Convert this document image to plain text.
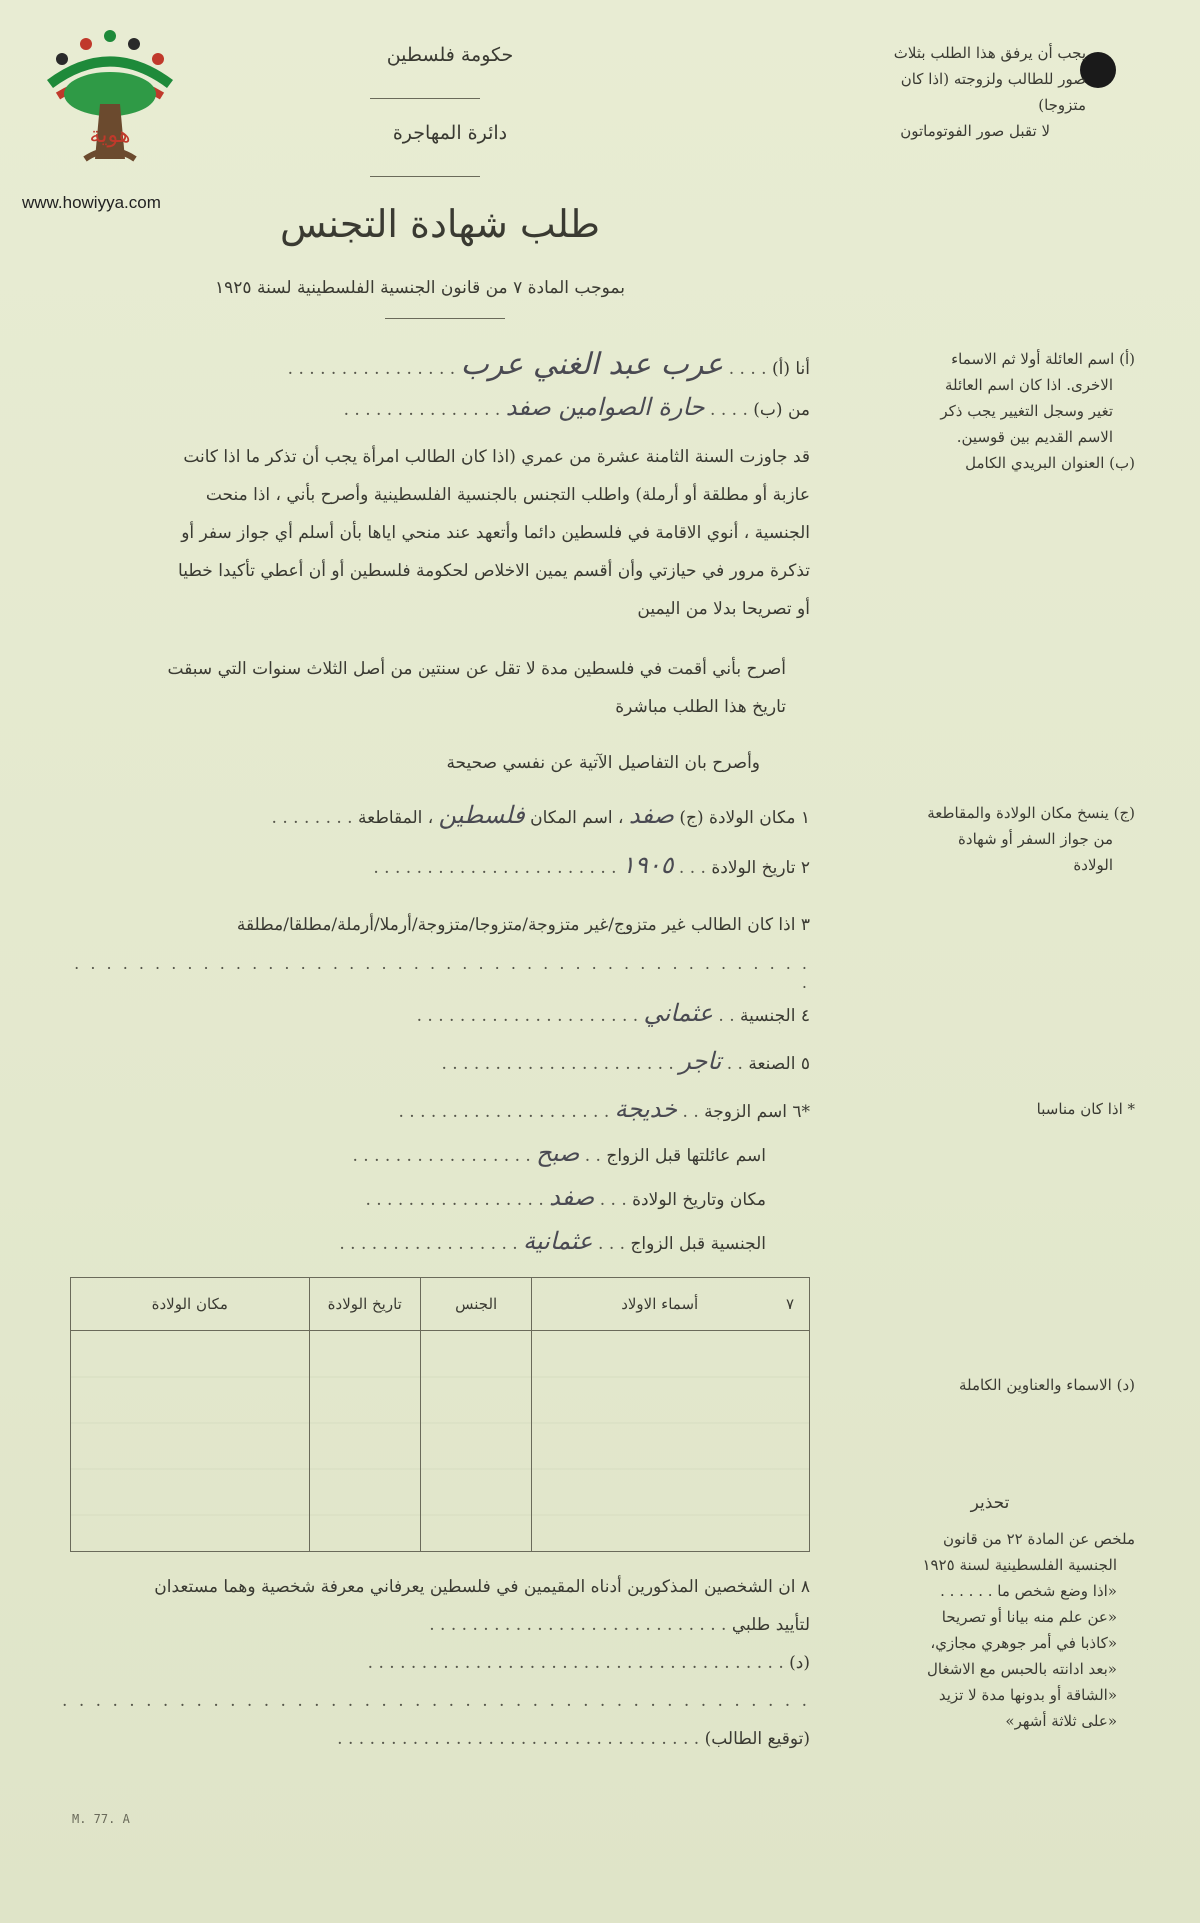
هوية
www.howiyya.com
حكومة فلسطين
دائرة المهاجرة
طلب شهادة التجنس
بموجب المادة ٧ من قانون الجنسية الفلسطينية لسنة ١٩٢٥
يجب أن يرفق هذا الطلب بثلاث
صور للطالب ولزوجته (اذا كان
متزوجا)
لا تقبل صور الفوتوماتون
أنا (أ) . . . . عرب عبد الغني عرب . . . . . . . . . . . . . . . .
من (ب) . . . . حارة الصوامين صفد . . . . . . . . . . . . . . .
قد جاوزت السنة الثامنة عشرة من عمري (اذا كان الطالب امرأة يجب أن تذكر ما اذا كانت
عازبة أو مطلقة أو أرملة) واطلب التجنس بالجنسية الفلسطينية وأصرح بأني ، اذا منحت
الجنسية ، أنوي الاقامة في فلسطين دائما وأتعهد عند منحي اياها بأن أسلم أي جواز سفر أو
تذكرة مرور في حيازتي وأن أقسم يمين الاخلاص لحكومة فلسطين أو أن أعطي تأكيدا خطيا
أو تصريحا بدلا من اليمين
أصرح بأني أقمت في فلسطين مدة لا تقل عن سنتين من أصل الثلاث سنوات التي سبقت
تاريخ هذا الطلب مباشرة
وأصرح بان التفاصيل الآتية عن نفسي صحيحة
١ مكان الولادة (ج) صفد ، اسم المكان فلسطين ، المقاطعة . . . . . . . .
٢ تاريخ الولادة . . . ١٩٠٥ . . . . . . . . . . . . . . . . . . . . . . .
٣ اذا كان الطالب غير متزوج/غير متزوجة/متزوجا/متزوجة/أرملا/أرملة/مطلقا/مطلقة
. . . . . . . . . . . . . . . . . . . . . . . . . . . . . . . . . . . . . . . . . . . . . . .
٤ الجنسية . . عثماني . . . . . . . . . . . . . . . . . . . . .
٥ الصنعة . . تاجر . . . . . . . . . . . . . . . . . . . . . .
*٦ اسم الزوجة . . خديجة . . . . . . . . . . . . . . . . . . . .
اسم عائلتها قبل الزواج . . صبح . . . . . . . . . . . . . . . . .
مكان وتاريخ الولادة . . . صفد . . . . . . . . . . . . . . . . .
الجنسية قبل الزواج . . . عثمانية . . . . . . . . . . . . . . . . .
٧
أسماء الاولاد	الجنس	تاريخ الولادة	مكان الولادة

٨ ان الشخصين المذكورين أدناه المقيمين في فلسطين يعرفاني معرفة شخصية وهما مستعدان
لتأييد طلبي . . . . . . . . . . . . . . . . . . . . . . . . . . . .
(د) . . . . . . . . . . . . . . . . . . . . . . . . . . . . . . . . . . . . . . .
. . . . . . . . . . . . . . . . . . . . . . . . . . . . . . . . . . . . . . . . . . . . .
(توقيع الطالب) . . . . . . . . . . . . . . . . . . . . . . . . . . . . . . . . . .
M. 77. A
(أ) اسم العائلة أولا ثم الاسماء
الاخرى. اذا كان اسم العائلة
تغير وسجل التغيير يجب ذكر
الاسم القديم بين قوسين.
(ب) العنوان البريدي الكامل
(ج) ينسخ مكان الولادة والمقاطعة
من جواز السفر أو شهادة
الولادة
* اذا كان مناسبا
(د) الاسماء والعناوين الكاملة
تحذير
ملخص عن المادة ٢٢ من قانون
الجنسية الفلسطينية لسنة ١٩٢٥
«اذا وضع شخص ما . . . . . .
«عن علم منه بيانا أو تصريحا
«كاذبا في أمر جوهري مجازي،
«بعد ادانته بالحبس مع الاشغال
«الشاقة أو بدونها مدة لا تزيد
«على ثلاثة أشهر»
